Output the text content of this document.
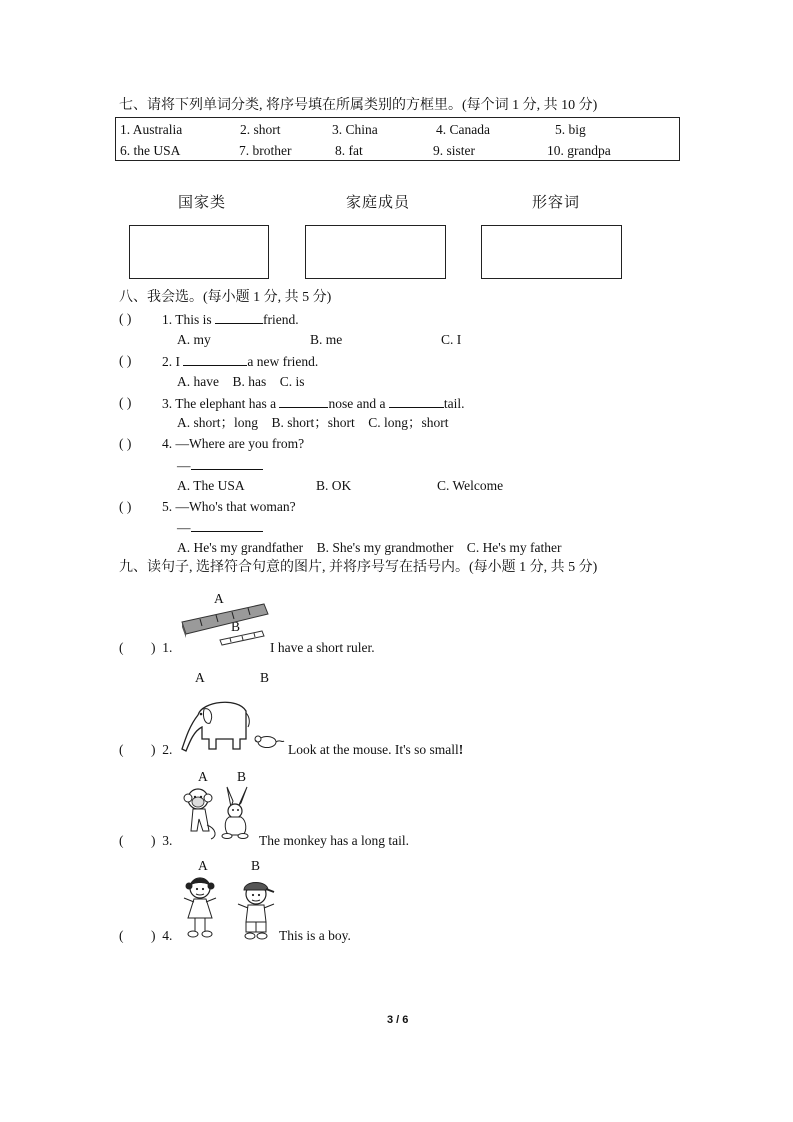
七、请将下列单词分类, 将序号填在所属类别的方框里。(每个词 1 分, 共 10 分)
1. Australia	2. short	3. China	4. Canada	5. big
6. the USA	7. brother	8. fat	9. sister	10. grandpa
国家类	家庭成员	形容词
八、我会选。(每小题 1 分, 共 5 分)
( ) 1. This is	friend.
A. my	B. me	C. I
( ) 2. I	a new friend.
A. have    B. has    C. is
( ) 3. The elephant has a	nose and a	tail.
A. short；long    B. short；short    C. long；short
( ) 4. —Where are you from?
—
A. The USA	B. OK	C. Welcome
( ) 5. —Who's that woman?
—
A. He's my grandfather    B. She's my grandmother    C. He's my father
九、读句子, 选择符合句意的图片, 并将序号写在括号内。(每小题 1 分, 共 5 分)
A
B
( )  1.	I have a short ruler.
A	B
( )  2.	Look at the mouse. It's so small!
A B
( )  3.	The monkey has a long tail.
A	B
( )  4.	This is a boy.
3 / 6
